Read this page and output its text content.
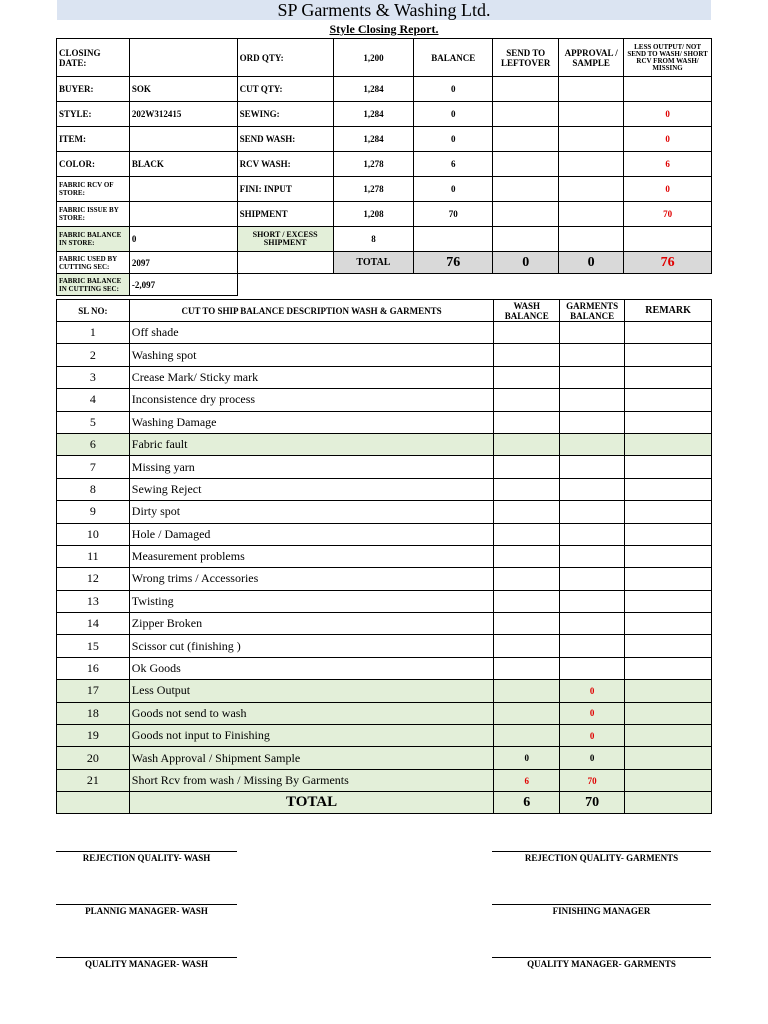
SP Garments & Washing Ltd.
Style Closing Report.
CLOSING DATE:		ORD QTY:	1,200	BALANCE	SEND TO LEFTOVER	APPROVAL / SAMPLE	LESS OUTPUT/ NOT SEND TO WASH/ SHORT RCV FROM WASH/ MISSING
BUYER:	SOK	CUT QTY:	1,284	0			
STYLE:	202W312415	SEWING:	1,284	0			0
ITEM:		SEND WASH:	1,284	0			0
COLOR:	BLACK	RCV WASH:	1,278	6			6
FABRIC RCV OF STORE:		FINI: INPUT	1,278	0			0
FABRIC ISSUE BY STORE:		SHIPMENT	1,208	70			70
FABRIC BALANCE IN STORE:	0	SHORT / EXCESS SHIPMENT	8				
FABRIC USED BY CUTTING SEC:	2097		TOTAL	76	0	0	76
FABRIC BALANCE IN CUTTING SEC:	-2,097						
SL NO:	CUT TO SHIP BALANCE DESCRIPTION WASH & GARMENTS	WASH BALANCE	GARMENTS BALANCE	REMARK
1	Off shade			
2	Washing spot			
3	Crease Mark/ Sticky mark			
4	Inconsistence dry process			
5	Washing Damage			
6	Fabric fault			
7	Missing yarn			
8	Sewing Reject			
9	Dirty spot			
10	Hole / Damaged			
11	Measurement problems			
12	Wrong trims / Accessories			
13	Twisting			
14	Zipper Broken			
15	Scissor cut (finishing )			
16	Ok Goods			
17	Less Output		0	
18	Goods not send to wash		0	
19	Goods not input to Finishing		0	
20	Wash Approval / Shipment Sample	0	0	
21	Short Rcv from wash / Missing By Garments	6	70	
	TOTAL	6	70	
REJECTION QUALITY- WASH	REJECTION QUALITY- GARMENTS
PLANNIG MANAGER- WASH	FINISHING MANAGER
QUALITY MANAGER- WASH	QUALITY MANAGER- GARMENTS
